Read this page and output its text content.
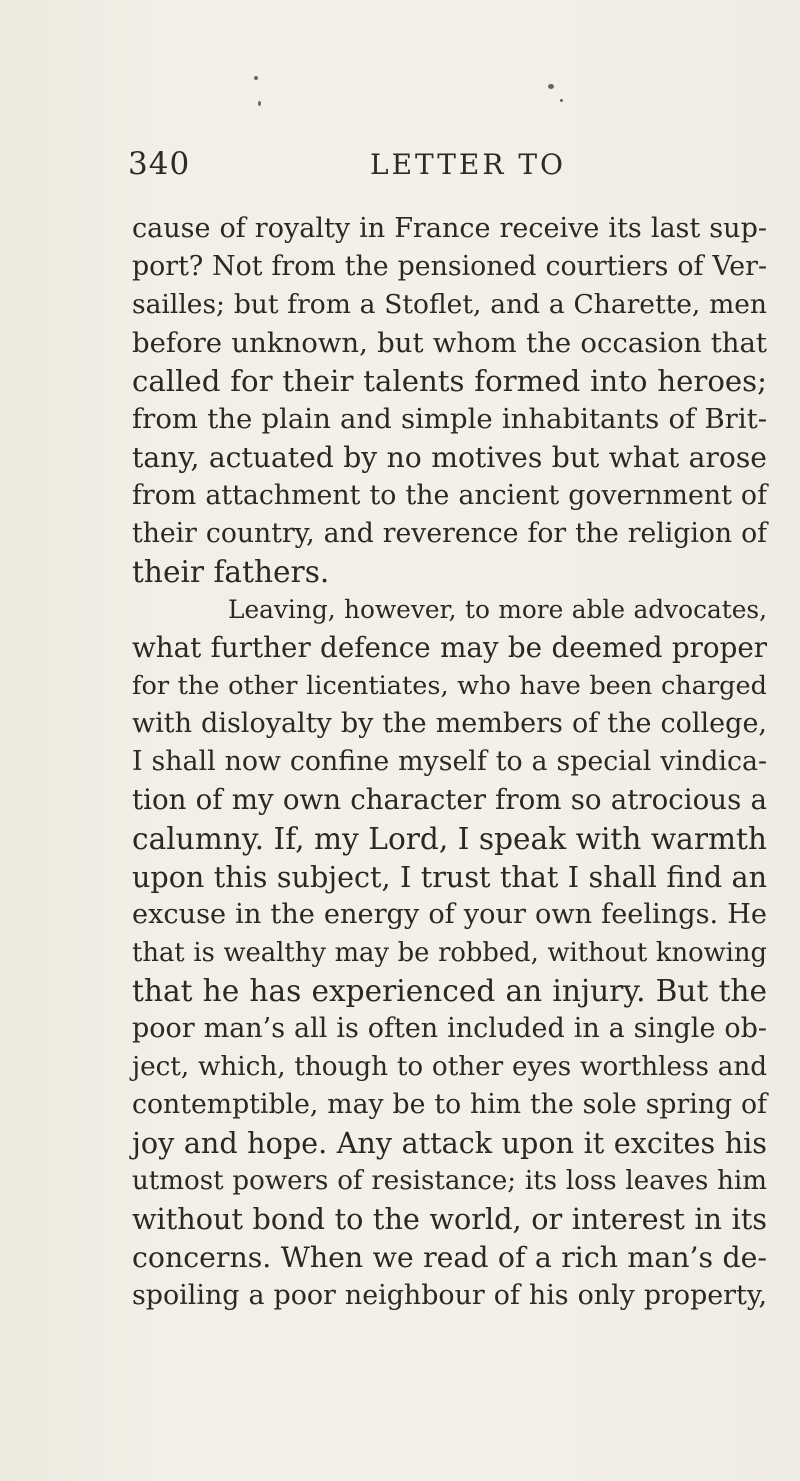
340	LETTER TO
cause of royalty in France receive its last sup-
port? Not from the pensioned courtiers of Ver-
sailles; but from a Stoflet, and a Charette, men
before unknown, but whom the occasion that
called for their talents formed into heroes;
from the plain and simple inhabitants of Brit-
tany, actuated by no motives but what arose
from attachment to the ancient government of
their country, and reverence for the religion of
their fathers.
Leaving, however, to more able advocates,
what further defence may be deemed proper
for the other licentiates, who have been charged
with disloyalty by the members of the college,
I shall now confine myself to a special vindica-
tion of my own character from so atrocious a
calumny. If, my Lord, I speak with warmth
upon this subject, I trust that I shall find an
excuse in the energy of your own feelings. He
that is wealthy may be robbed, without knowing
that he has experienced an injury. But the
poor man’s all is often included in a single ob-
ject, which, though to other eyes worthless and
contemptible, may be to him the sole spring of
joy and hope. Any attack upon it excites his
utmost powers of resistance; its loss leaves him
without bond to the world, or interest in its
concerns. When we read of a rich man’s de-
spoiling a poor neighbour of his only property,
